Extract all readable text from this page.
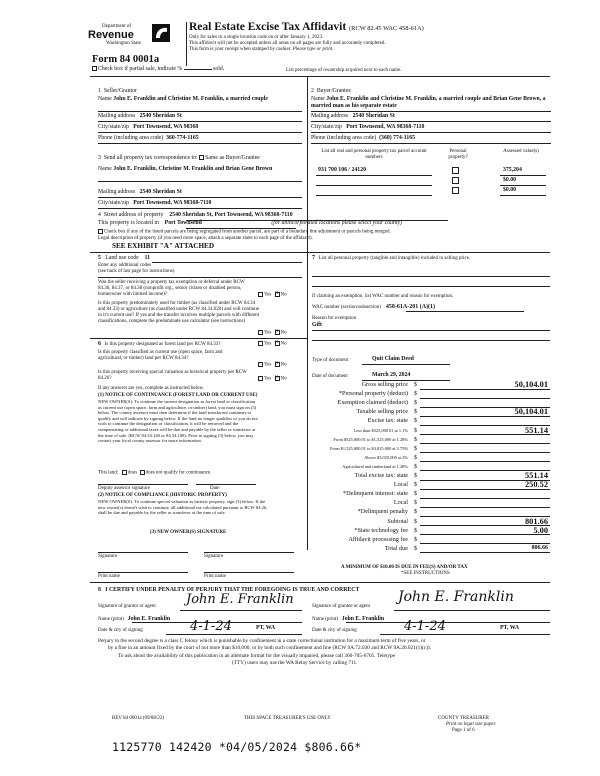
Department of
Revenue
Washington State
Form 84 0001a
Check box if partial sale, indicate %	sold.
Real Estate Excise Tax Affidavit (RCW 82.45 WAC 458-61A)
Only for sales in a single location code on or after January 1, 2023.
This affidavit will not be accepted unless all areas on all pages are fully and accurately completed.
This form is your receipt when stamped by cashier. Please type or print.
List percentage of ownership acquired next to each name.
1 Seller/Grantor
Name John E. Franklin and Christine M. Franklin, a married couple
Mailing address 2540 Sheridan St
City/state/zip Port Townsend, WA 98368
Phone (including area code) 360-774-1165
2 Buyer/Grantee
Name John E. Franklin and Christine M. Franklin, a married couple and Brian Gene Brown, a married man as his separate estate
Mailing address 2540 Sheridan St
City/state/zip Port Townsend, WA 98368-7110
Phone (including area code) (360) 774-1165
List all real and personal property tax parcel account numbers
Personal property?
Assessed value(s)
931 700 106 / 24120	375,204
$0.00
$0.00
3 Send all property tax correspondence to: Same as Buyer/Grantee
Name John E. Franklin, Christine M. Franklin and Brian Gene Brown
Mailing address 2540 Sheridan St
City/state/zip Port Townsend, WA 98368-7110
4 Street address of property 2540 Sheridan St, Port Townsend, WA 98368-7110
This property is located in Port Townsend	(for unincorporated locations please select your county)
Check box if any of the listed parcels are being segregated from another parcel, are part of a boundary line adjustment or parcels being merged.
Legal description of property (if you need more space, attach a separate sheet to each page of the affidavit).
SEE EXHIBIT "A" ATTACHED
5 Land use code 11
Enter any additional codes
(see back of last page for instructions)
Was the seller receiving a property tax exemption or deferral under RCW 84.36, 84.37, or 84.38 (nonprofit org., senior citizen or disabled person, homeowner with limited income)?	Yes × No
Is this property predominately used for timber (as classified under RCW 84.34 and 84.33) or agriculture (as classified under RCW 84.34.020) and will continue in it's current use? If yes and the transfer involves multiple parcels with different classifications, complete the predominate use calculator (see instructions)
Yes × No
6 Is this property designated as forest land per RCW 84.33?	Yes × No
Is this property classified as current use (open space, farm and agricultural, or timber) land per RCW 84.34?
Yes × No
Is this property receiving special valuation as historical property per RCW 84.26?	Yes × No
If any answers are yes, complete as instructed below.
(1) NOTICE OF CONTINUANCE (FOREST LAND OR CURRENT USE)
NEW OWNER(S): To continue the current designation as forest land or classification as current use (open space, farm and agriculture, or timber) land, you must sign on (3) below. The county assessor must then determine if the land transferred continues to qualify and will indicate by signing below. If the land no longer qualifies or you do not wish to continue the designation or classification, it will be removed and the compensating or additional taxes will be due and payable by the seller or transferor at the time of sale. (RCW 84.33.140 or 84.34.108). Prior to signing (3) below, you may contact your local county assessor for more information.
This land: does does not qualify for continuance.
Deputy assessor signature	Date
(2) NOTICE OF COMPLIANCE (HISTORIC PROPERTY)
NEW OWNER(S): To continue special valuation as historic property, sign (3) below. If the new owner(s) doesn't wish to continue, all additional tax calculated pursuant to RCW 84.26, shall be due and payable by the seller or transferor at the time of sale.
(3) NEW OWNER(S) SIGNATURE
Signature	Signature
Print name	Print name
7 List all personal property (tangible and intangible) included in selling price.
If claiming an exemption, list WAC number and reason for exemption.
WAC number (section/subsection) 458-61A-201 (A)(1)
Reason for exemption
Gift
Type of document	Quit Claim Deed
Date of document	March 29, 2024
Gross selling price $	50,104.01
*Personal property (deduct) $
Exemption claimed (deduct) $
Taxable selling price $	50,104.01
Excise tax: state $
Less than $525,000.01 at 1.1% $	551.14
From $525,000.01 to $1,525,000 at 1.28% $
From $1,525,000.01 to $3,025,000 at 2.75% $
Above $3,025,000 at 3% $
Agricultural and timberland at 1.28% $
Total excise tax: state $	551.14
Local $	250.52
*Delinquent interest: state $
Local $
*Delinquent penalty $
Subtotal $	801.66
*State technology fee $	5.00
Affidavit processing fee $
Total due $	806.66
A MINIMUM OF $10.00 IS DUE IN FEE(S) AND/OR TAX
*SEE INSTRUCTIONS
8 I CERTIFY UNDER PENALTY OF PERJURY THAT THE FOREGOING IS TRUE AND CORRECT
Signature of grantor or agent John E. Franklin	Signature of grantee or agent
John E. Franklin
Name (print) John E. Franklin	Name (print) John E. Franklin
Date & city of signing	4-1-24	PT, WA	Date & city of signing	4-1-24	PT, WA
Perjury in the second degree is a class C felony which is punishable by confinement in a state correctional institution for a maximum term of five years, or
by a fine in an amount fixed by the court of not more than $10,000, or by both such confinement and fine (RCW 9A.72.030 and RCW 9A.20.021(1)(c)).
To ask about the availability of this publication in an alternate format for the visually impaired, please call 360-705-6705. Teletype
(TTY) users may use the WA Relay Service by calling 711.
REV 84 0001a (09/08/22)	THIS SPACE TREASURER'S USE ONLY	COUNTY TREASURER
Print on legal size paper.
Page 1 of 6
1125770 142420 *04/05/2024 $806.66*
